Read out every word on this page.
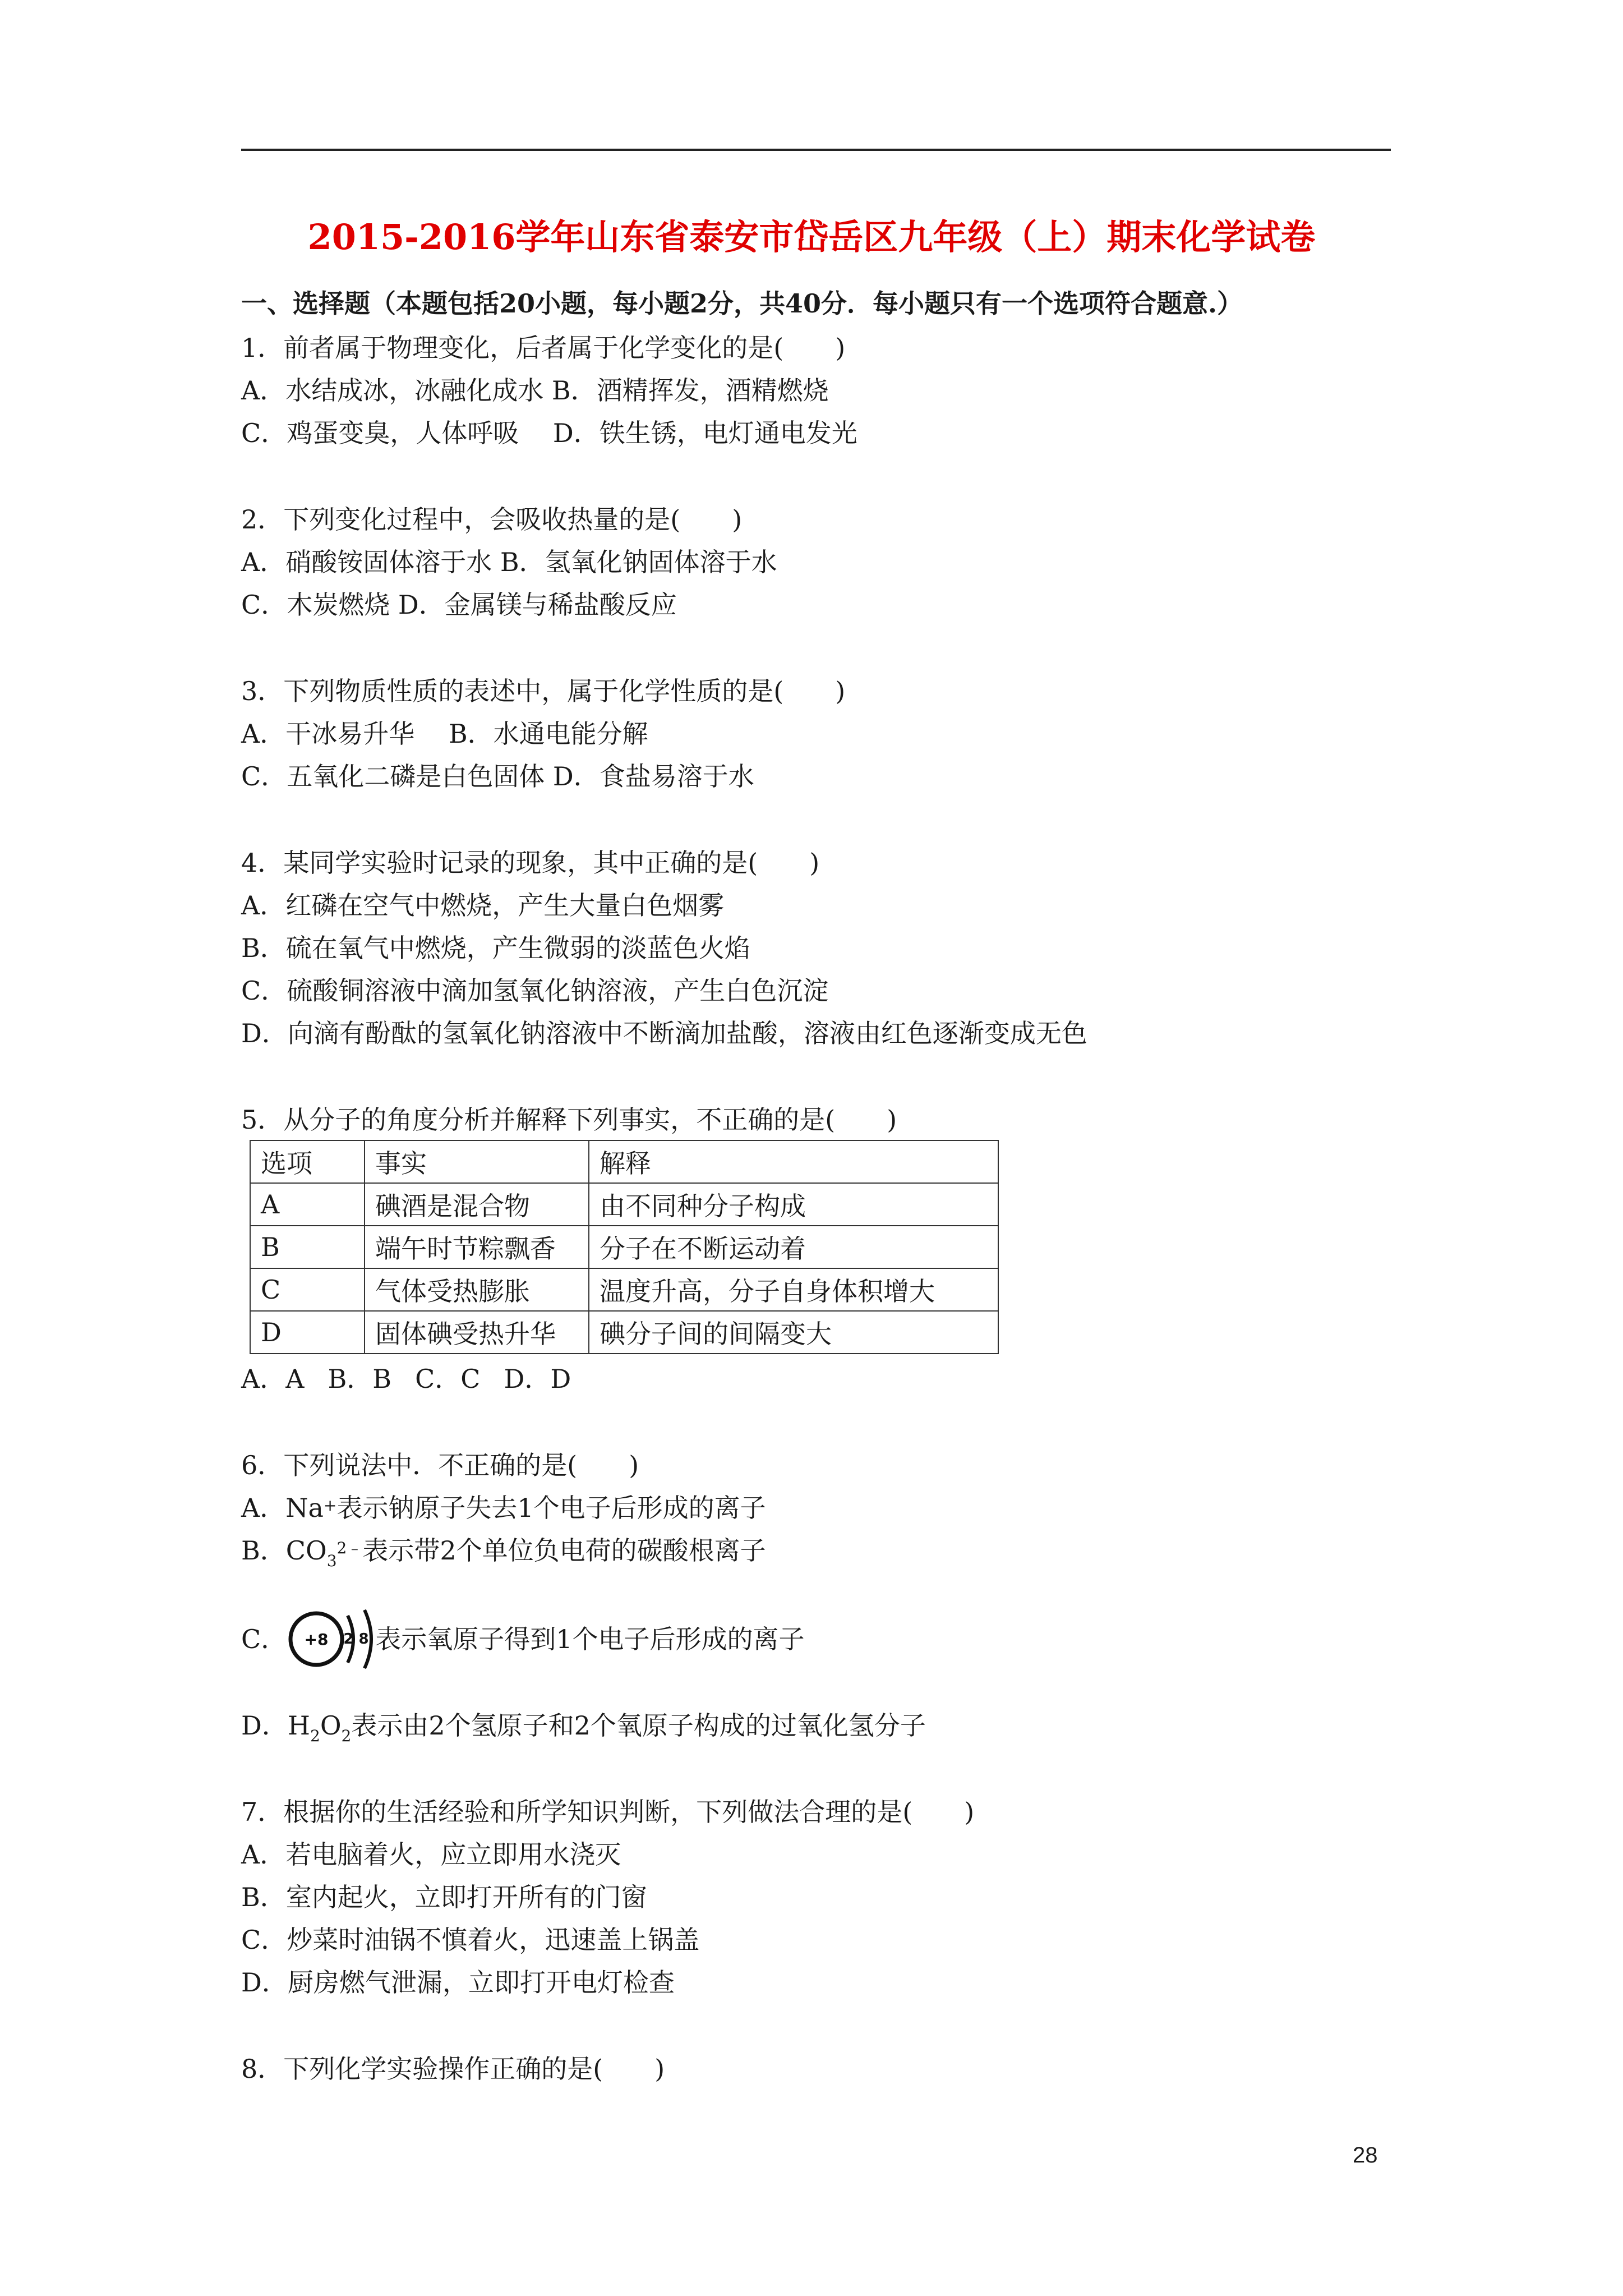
2015-2016学年山东省泰安市岱岳区九年级（上）期末化学试卷
一、选择题（本题包括20小题，每小题2分，共40分．每小题只有一个选项符合题意.）
1．前者属于物理变化，后者属于化学变化的是(　　)
A．水结成冰，冰融化成水 B．酒精挥发，酒精燃烧
C．鸡蛋变臭，人体呼吸　 D．铁生锈，电灯通电发光
2．下列变化过程中，会吸收热量的是(　　)
A．硝酸铵固体溶于水 B．氢氧化钠固体溶于水
C．木炭燃烧 D．金属镁与稀盐酸反应
3．下列物质性质的表述中，属于化学性质的是(　　)
A．干冰易升华　 B．水通电能分解
C．五氧化二磷是白色固体 D．食盐易溶于水
4．某同学实验时记录的现象，其中正确的是(　　)
A．红磷在空气中燃烧，产生大量白色烟雾
B．硫在氧气中燃烧，产生微弱的淡蓝色火焰
C．硫酸铜溶液中滴加氢氧化钠溶液，产生白色沉淀
D．向滴有酚酞的氢氧化钠溶液中不断滴加盐酸，溶液由红色逐渐变成无色
5．从分子的角度分析并解释下列事实，不正确的是(　　)
选项	事实	解释
A	碘酒是混合物	由不同种分子构成
B	端午时节粽飘香	分子在不断运动着
C	气体受热膨胀	温度升高，分子自身体积增大
D	固体碘受热升华	碘分子间的间隔变大
A．A B．B C．C D．D
6．下列说法中．不正确的是(　　)
A．Na+表示钠原子失去1个电子后形成的离子
B．$CO_3^{2﹣}$表示带2个单位负电荷的碳酸根离子
C．	表示氧原子得到1个电子后形成的离子
+8 2 8
D．$H_2O_2$表示由2个氢原子和2个氧原子构成的过氧化氢分子
7．根据你的生活经验和所学知识判断，下列做法合理的是(　　)
A．若电脑着火，应立即用水浇灭
B．室内起火，立即打开所有的门窗
C．炒菜时油锅不慎着火，迅速盖上锅盖
D．厨房燃气泄漏，立即打开电灯检查
8．下列化学实验操作正确的是(　　)
28
